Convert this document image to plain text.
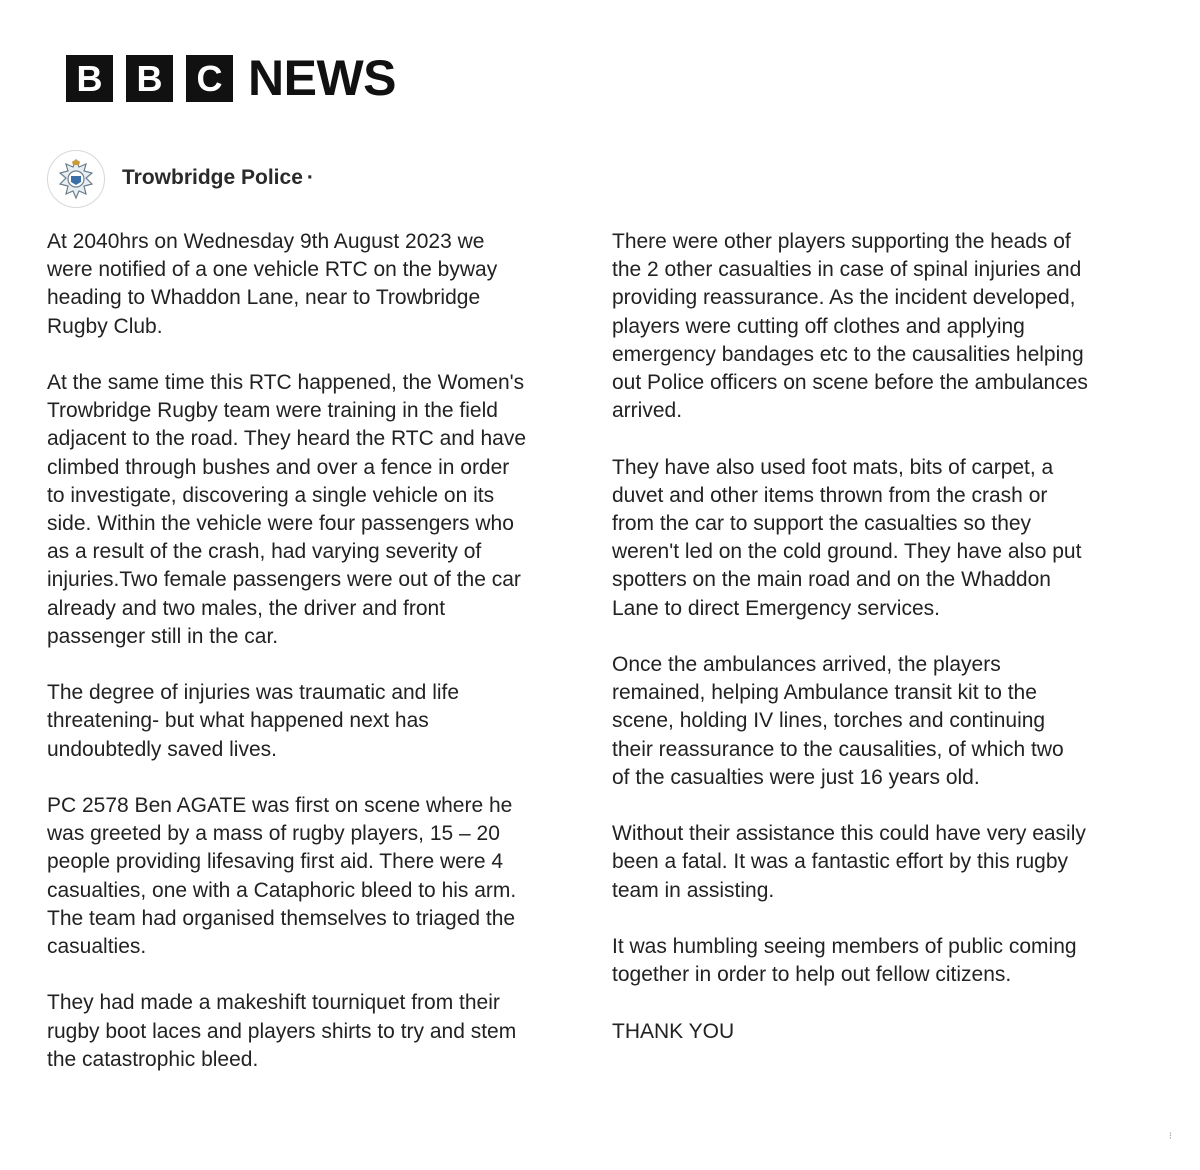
B B C NEWS
Trowbridge Police ·

At 2040hrs on Wednesday 9th August 2023 we
were notified of a one vehicle RTC on the byway
heading to Whaddon Lane, near to Trowbridge
Rugby Club.

At the same time this RTC happened, the Women's
Trowbridge Rugby team were training in the field
adjacent to the road. They heard the RTC and have
climbed through bushes and over a fence in order
to investigate, discovering a single vehicle on its
side. Within the vehicle were four passengers who
as a result of the crash, had varying severity of
injuries.Two female passengers were out of the car
already and two males, the driver and front
passenger still in the car.

The degree of injuries was traumatic and life
threatening- but what happened next has
undoubtedly saved lives.

PC 2578 Ben AGATE was first on scene where he
was greeted by a mass of rugby players, 15 – 20
people providing lifesaving first aid. There were 4
casualties, one with a Cataphoric bleed to his arm.
The team had organised themselves to triaged the
casualties.

They had made a makeshift tourniquet from their
rugby boot laces and players shirts to try and stem
the catastrophic bleed.

There were other players supporting the heads of
the 2 other casualties in case of spinal injuries and
providing reassurance. As the incident developed,
players were cutting off clothes and applying
emergency bandages etc to the causalities helping
out Police officers on scene before the ambulances
arrived.

They have also used foot mats, bits of carpet, a
duvet and other items thrown from the crash or
from the car to support the casualties so they
weren't led on the cold ground. They have also put
spotters on the main road and on the Whaddon
Lane to direct Emergency services.

Once the ambulances arrived, the players
remained, helping Ambulance transit kit to the
scene, holding IV lines, torches and continuing
their reassurance to the causalities, of which two
of the casualties were just 16 years old.

Without their assistance this could have very easily
been a fatal. It was a fantastic effort by this rugby
team in assisting.

It was humbling seeing members of public coming
together in order to help out fellow citizens.

THANK YOU

⁝
